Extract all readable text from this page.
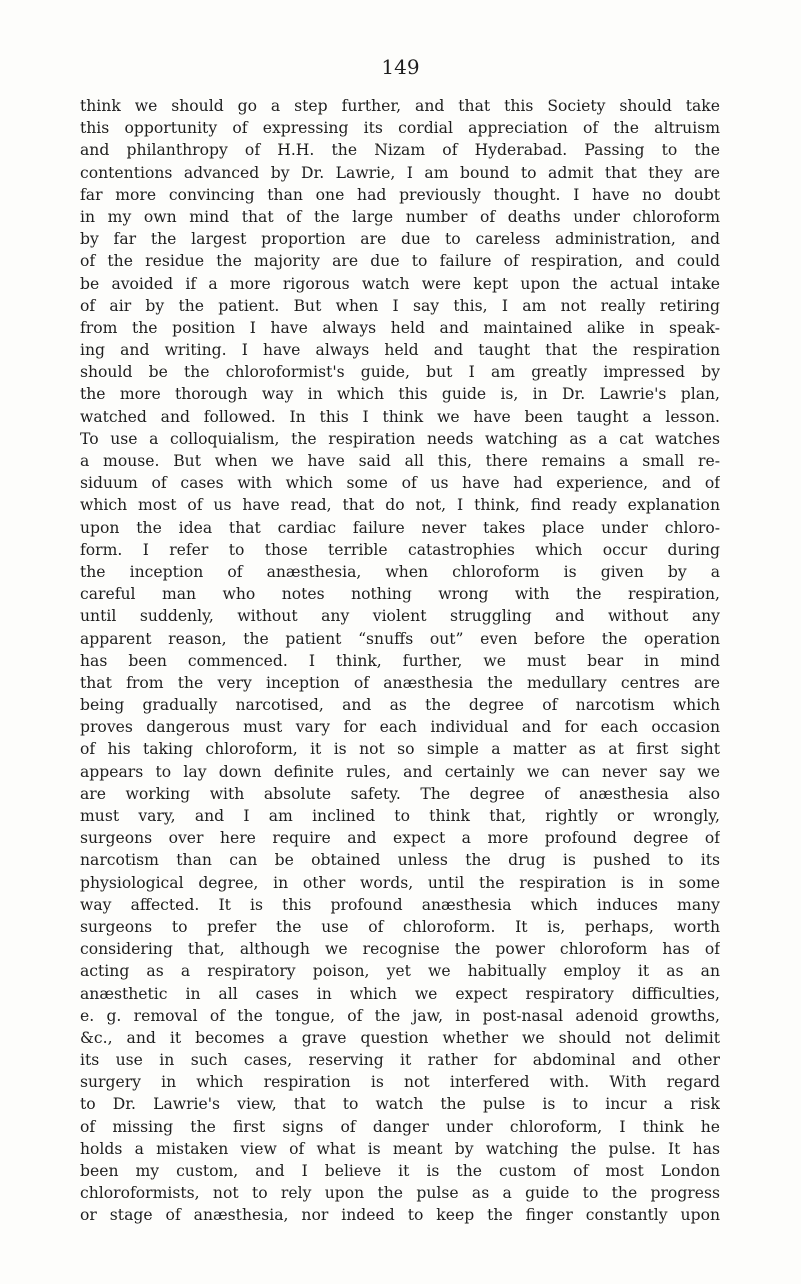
149
think we should go a step further, and that this Society should take
this opportunity of expressing its cordial appreciation of the altruism
and philanthropy of H.H. the Nizam of Hyderabad. Passing to the
contentions advanced by Dr. Lawrie, I am bound to admit that they are
far more convincing than one had previously thought. I have no doubt
in my own mind that of the large number of deaths under chloroform
by far the largest proportion are due to careless administration, and
of the residue the majority are due to failure of respiration, and could
be avoided if a more rigorous watch were kept upon the actual intake
of air by the patient. But when I say this, I am not really retiring
from the position I have always held and maintained alike in speak-
ing and writing. I have always held and taught that the respiration
should be the chloroformist's guide, but I am greatly impressed by
the more thorough way in which this guide is, in Dr. Lawrie's plan,
watched and followed. In this I think we have been taught a lesson.
To use a colloquialism, the respiration needs watching as a cat watches
a mouse. But when we have said all this, there remains a small re-
siduum of cases with which some of us have had experience, and of
which most of us have read, that do not, I think, find ready explanation
upon the idea that cardiac failure never takes place under chloro-
form. I refer to those terrible catastrophies which occur during
the inception of anæsthesia, when chloroform is given by a
careful man who notes nothing wrong with the respiration,
until suddenly, without any violent struggling and without any
apparent reason, the patient “snuffs out” even before the operation
has been commenced. I think, further, we must bear in mind
that from the very inception of anæsthesia the medullary centres are
being gradually narcotised, and as the degree of narcotism which
proves dangerous must vary for each individual and for each occasion
of his taking chloroform, it is not so simple a matter as at first sight
appears to lay down definite rules, and certainly we can never say we
are working with absolute safety. The degree of anæsthesia also
must vary, and I am inclined to think that, rightly or wrongly,
surgeons over here require and expect a more profound degree of
narcotism than can be obtained unless the drug is pushed to its
physiological degree, in other words, until the respiration is in some
way affected. It is this profound anæsthesia which induces many
surgeons to prefer the use of chloroform. It is, perhaps, worth
considering that, although we recognise the power chloroform has of
acting as a respiratory poison, yet we habitually employ it as an
anæsthetic in all cases in which we expect respiratory difficulties,
e. g. removal of the tongue, of the jaw, in post-nasal adenoid growths,
&c., and it becomes a grave question whether we should not delimit
its use in such cases, reserving it rather for abdominal and other
surgery in which respiration is not interfered with. With regard
to Dr. Lawrie's view, that to watch the pulse is to incur a risk
of missing the first signs of danger under chloroform, I think he
holds a mistaken view of what is meant by watching the pulse. It has
been my custom, and I believe it is the custom of most London
chloroformists, not to rely upon the pulse as a guide to the progress
or stage of anæsthesia, nor indeed to keep the finger constantly upon
